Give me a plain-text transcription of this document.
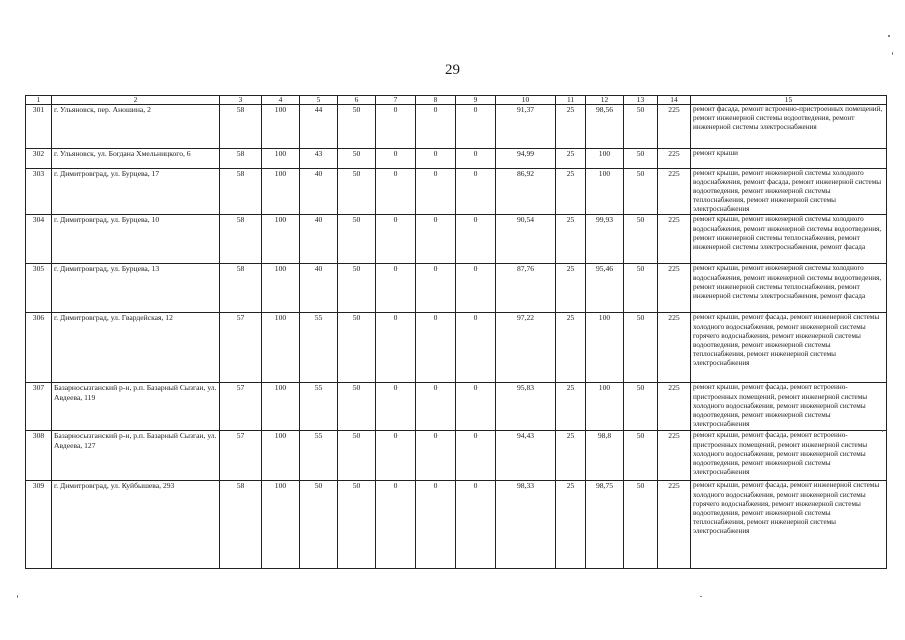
29
1	2	3	4	5	6	7	8	9	10	11	12	13	14	15
301	г. Ульяновск, пер. Аношина, 2	58	100	44	50	0	0	0	91,37	25	98,56	50	225	ремонт фасада, ремонт встроенно-пристроенных помещений, ремонт инженерной системы водоотведения, ремонт инженерной системы электроснабжения
302	г. Ульяновск, ул. Богдана Хмельницкого, 6	58	100	43	50	0	0	0	94,99	25	100	50	225	ремонт крыши
303	г. Димитровград, ул. Бурцева, 17	58	100	40	50	0	0	0	86,92	25	100	50	225	ремонт крыши, ремонт инженерной системы холодного водоснабжения, ремонт фасада, ремонт инженерной системы водоотведения, ремонт инженерной системы теплоснабжения, ремонт инженерной системы электроснабжения
304	г. Димитровград, ул. Бурцева, 10	58	100	40	50	0	0	0	90,54	25	99,93	50	225	ремонт крыши, ремонт инженерной системы холодного водоснабжения, ремонт инженерной системы водоотведения, ремонт инженерной системы теплоснабжения, ремонт инженерной системы электроснабжения, ремонт фасада
305	г. Димитровград, ул. Бурцева, 13	58	100	40	50	0	0	0	87,76	25	95,46	50	225	ремонт крыши, ремонт инженерной системы холодного водоснабжения, ремонт инженерной системы водоотведения, ремонт инженерной системы теплоснабжения, ремонт инженерной системы электроснабжения, ремонт фасада
306	г. Димитровград, ул. Гвардейская, 12	57	100	55	50	0	0	0	97,22	25	100	50	225	ремонт крыши, ремонт фасада, ремонт инженерной системы холодного водоснабжения, ремонт инженерной системы горячего водоснабжения, ремонт инженерной системы водоотведения, ремонт инженерной системы теплоснабжения, ремонт инженерной системы электроснабжения
307	Базарносызганский р-н, р.п. Базарный Сызган, ул. Авдеева, 119	57	100	55	50	0	0	0	95,83	25	100	50	225	ремонт крыши, ремонт фасада, ремонт встроенно-пристроенных помещений, ремонт инженерной системы холодного водоснабжения, ремонт инженерной системы водоотведения, ремонт инженерной системы электроснабжения
308	Базарносызганский р-н, р.п. Базарный Сызган, ул. Авдеева, 127	57	100	55	50	0	0	0	94,43	25	98,8	50	225	ремонт крыши, ремонт фасада, ремонт встроенно-пристроенных помещений, ремонт инженерной системы холодного водоснабжения, ремонт инженерной системы водоотведения, ремонт инженерной системы электроснабжения
309	г. Димитровград, ул. Куйбышева, 293	58	100	50	50	0	0	0	98,33	25	98,75	50	225	ремонт крыши, ремонт фасада, ремонт инженерной системы холодного водоснабжения, ремонт инженерной системы горячего водоснабжения, ремонт инженерной системы водоотведения, ремонт инженерной системы теплоснабжения, ремонт инженерной системы электроснабжения
